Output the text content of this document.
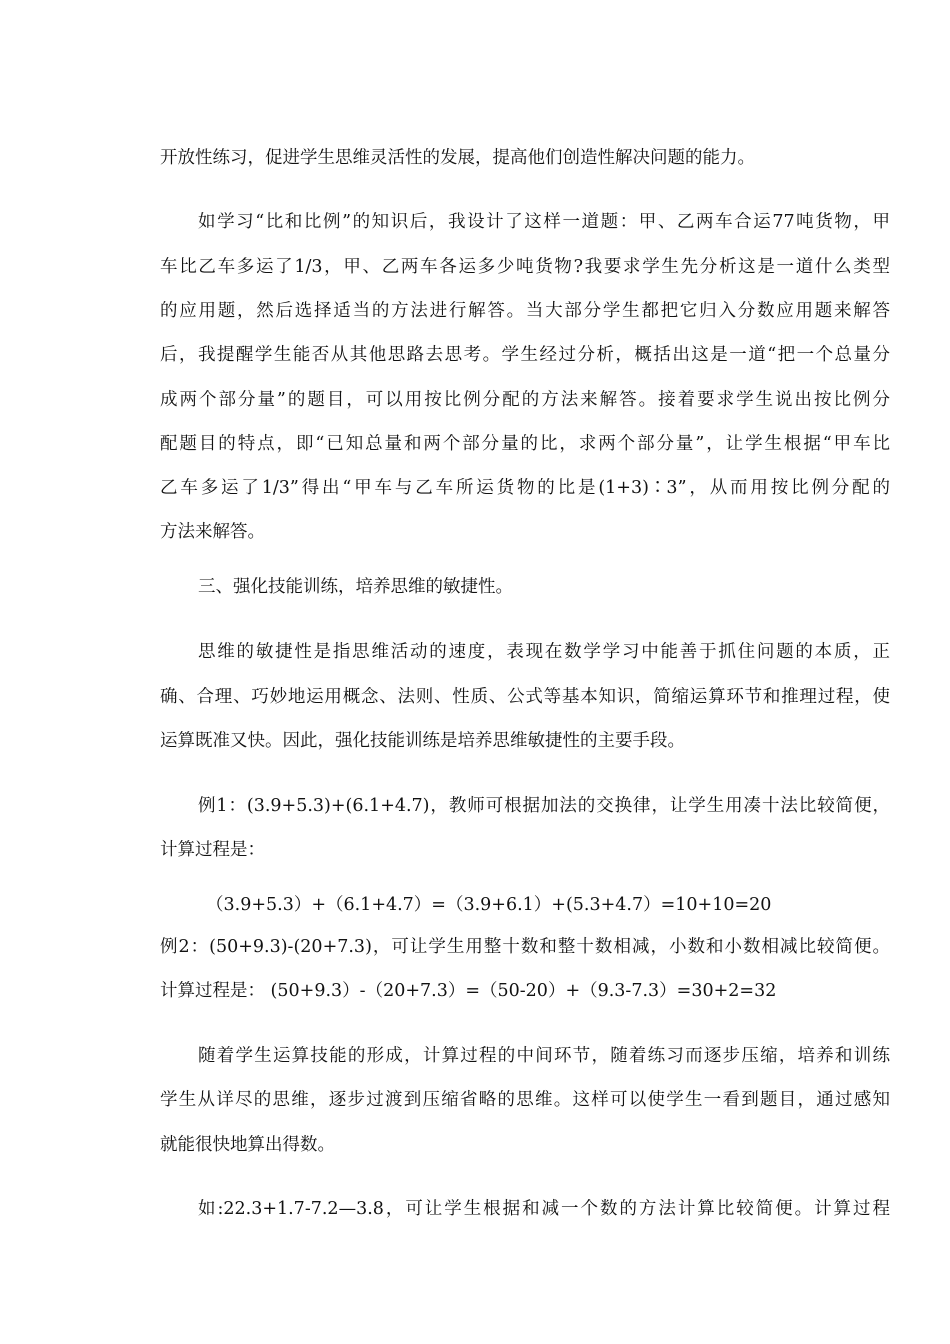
开放性练习，促进学生思维灵活性的发展，提高他们创造性解决问题的能力。
如学习“比和比例”的知识后，我设计了这样一道题：甲、乙两车合运77吨货物，甲
车比乙车多运了1/3，甲、乙两车各运多少吨货物?我要求学生先分析这是一道什么类型
的应用题，然后选择适当的方法进行解答。当大部分学生都把它归入分数应用题来解答
后，我提醒学生能否从其他思路去思考。学生经过分析，概括出这是一道“把一个总量分
成两个部分量”的题目，可以用按比例分配的方法来解答。接着要求学生说出按比例分
配题目的特点，即“已知总量和两个部分量的比，求两个部分量”，让学生根据“甲车比
乙车多运了1/3”得出“甲车与乙车所运货物的比是(1+3)∶3”，从而用按比例分配的
方法来解答。
三、强化技能训练，培养思维的敏捷性。
思维的敏捷性是指思维活动的速度，表现在数学学习中能善于抓住问题的本质，正
确、合理、巧妙地运用概念、法则、性质、公式等基本知识，简缩运算环节和推理过程，使
运算既准又快。因此，强化技能训练是培养思维敏捷性的主要手段。
例1：(3.9+5.3)+(6.1+4.7)，教师可根据加法的交换律，让学生用凑十法比较简便，
计算过程是：
（3.9+5.3）+（6.1+4.7）=（3.9+6.1）+(5.3+4.7）=10+10=20
例2：(50+9.3)-(20+7.3)，可让学生用整十数和整十数相减，小数和小数相减比较简便。
计算过程是： (50+9.3）-（20+7.3）=（50-20）+（9.3-7.3）=30+2=32
随着学生运算技能的形成，计算过程的中间环节，随着练习而逐步压缩，培养和训练
学生从详尽的思维，逐步过渡到压缩省略的思维。这样可以使学生一看到题目，通过感知
就能很快地算出得数。
如:22.3+1.7-7.2—3.8，可让学生根据和减一个数的方法计算比较简便。计算过程
